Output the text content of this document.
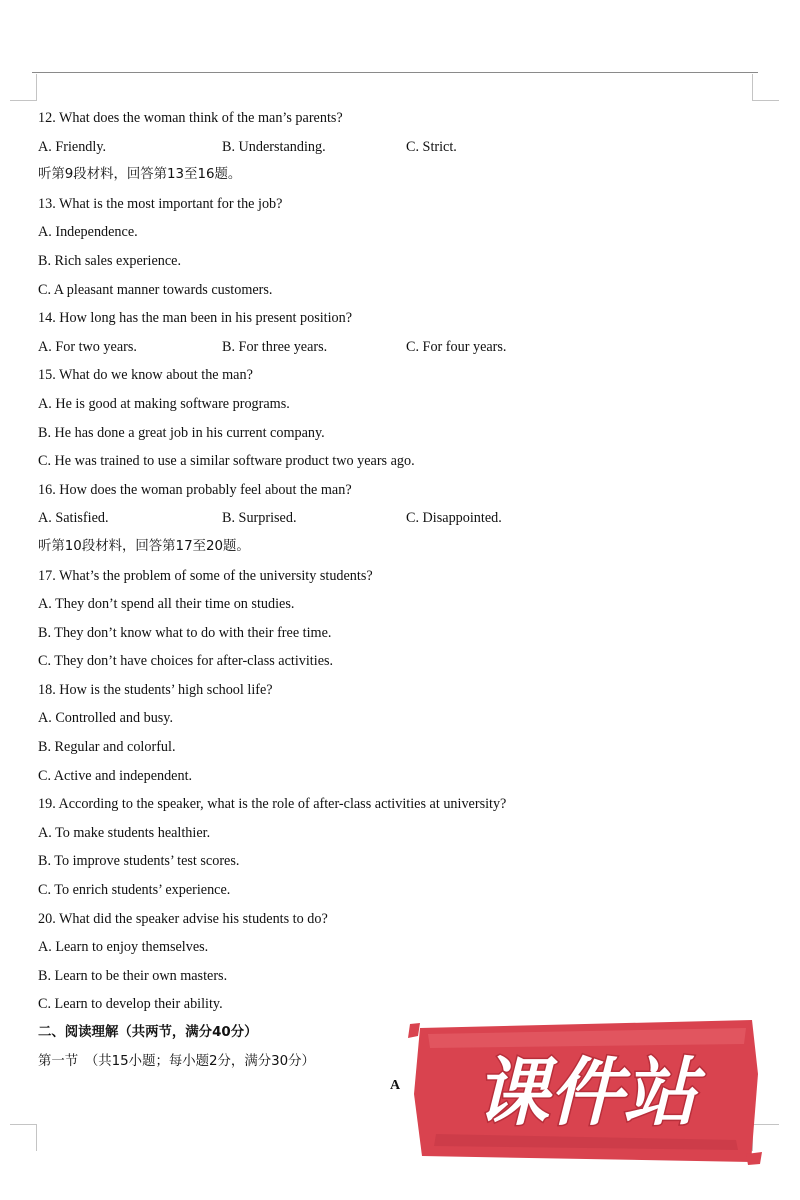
12. What does the woman think of the man’s parents?
A. Friendly.	B. Understanding.	C. Strict.
听第9段材料，回答第13至16题。
13. What is the most important for the job?
A. Independence.
B. Rich sales experience.
C. A pleasant manner towards customers.
14. How long has the man been in his present position?
A. For two years.	B. For three years.	C. For four years.
15. What do we know about the man?
A. He is good at making software programs.
B. He has done a great job in his current company.
C. He was trained to use a similar software product two years ago.
16. How does the woman probably feel about the man?
A. Satisfied.	B. Surprised.	C. Disappointed.
听第10段材料，回答第17至20题。
17. What’s the problem of some of the university students?
A. They don’t spend all their time on studies.
B. They don’t know what to do with their free time.
C. They don’t have choices for after-class activities.
18. How is the students’ high school life?
A. Controlled and busy.
B. Regular and colorful.
C. Active and independent.
19. According to the speaker, what is the role of after-class activities at university?
A. To make students healthier.
B. To improve students’ test scores.
C. To enrich students’ experience.
20. What did the speaker advise his students to do?
A. Learn to enjoy themselves.
B. Learn to be their own masters.
C. Learn to develop their ability.
二、阅读理解（共两节，满分40分）
第一节　（共15小题；每小题2分，满分30分）
A 课件站
